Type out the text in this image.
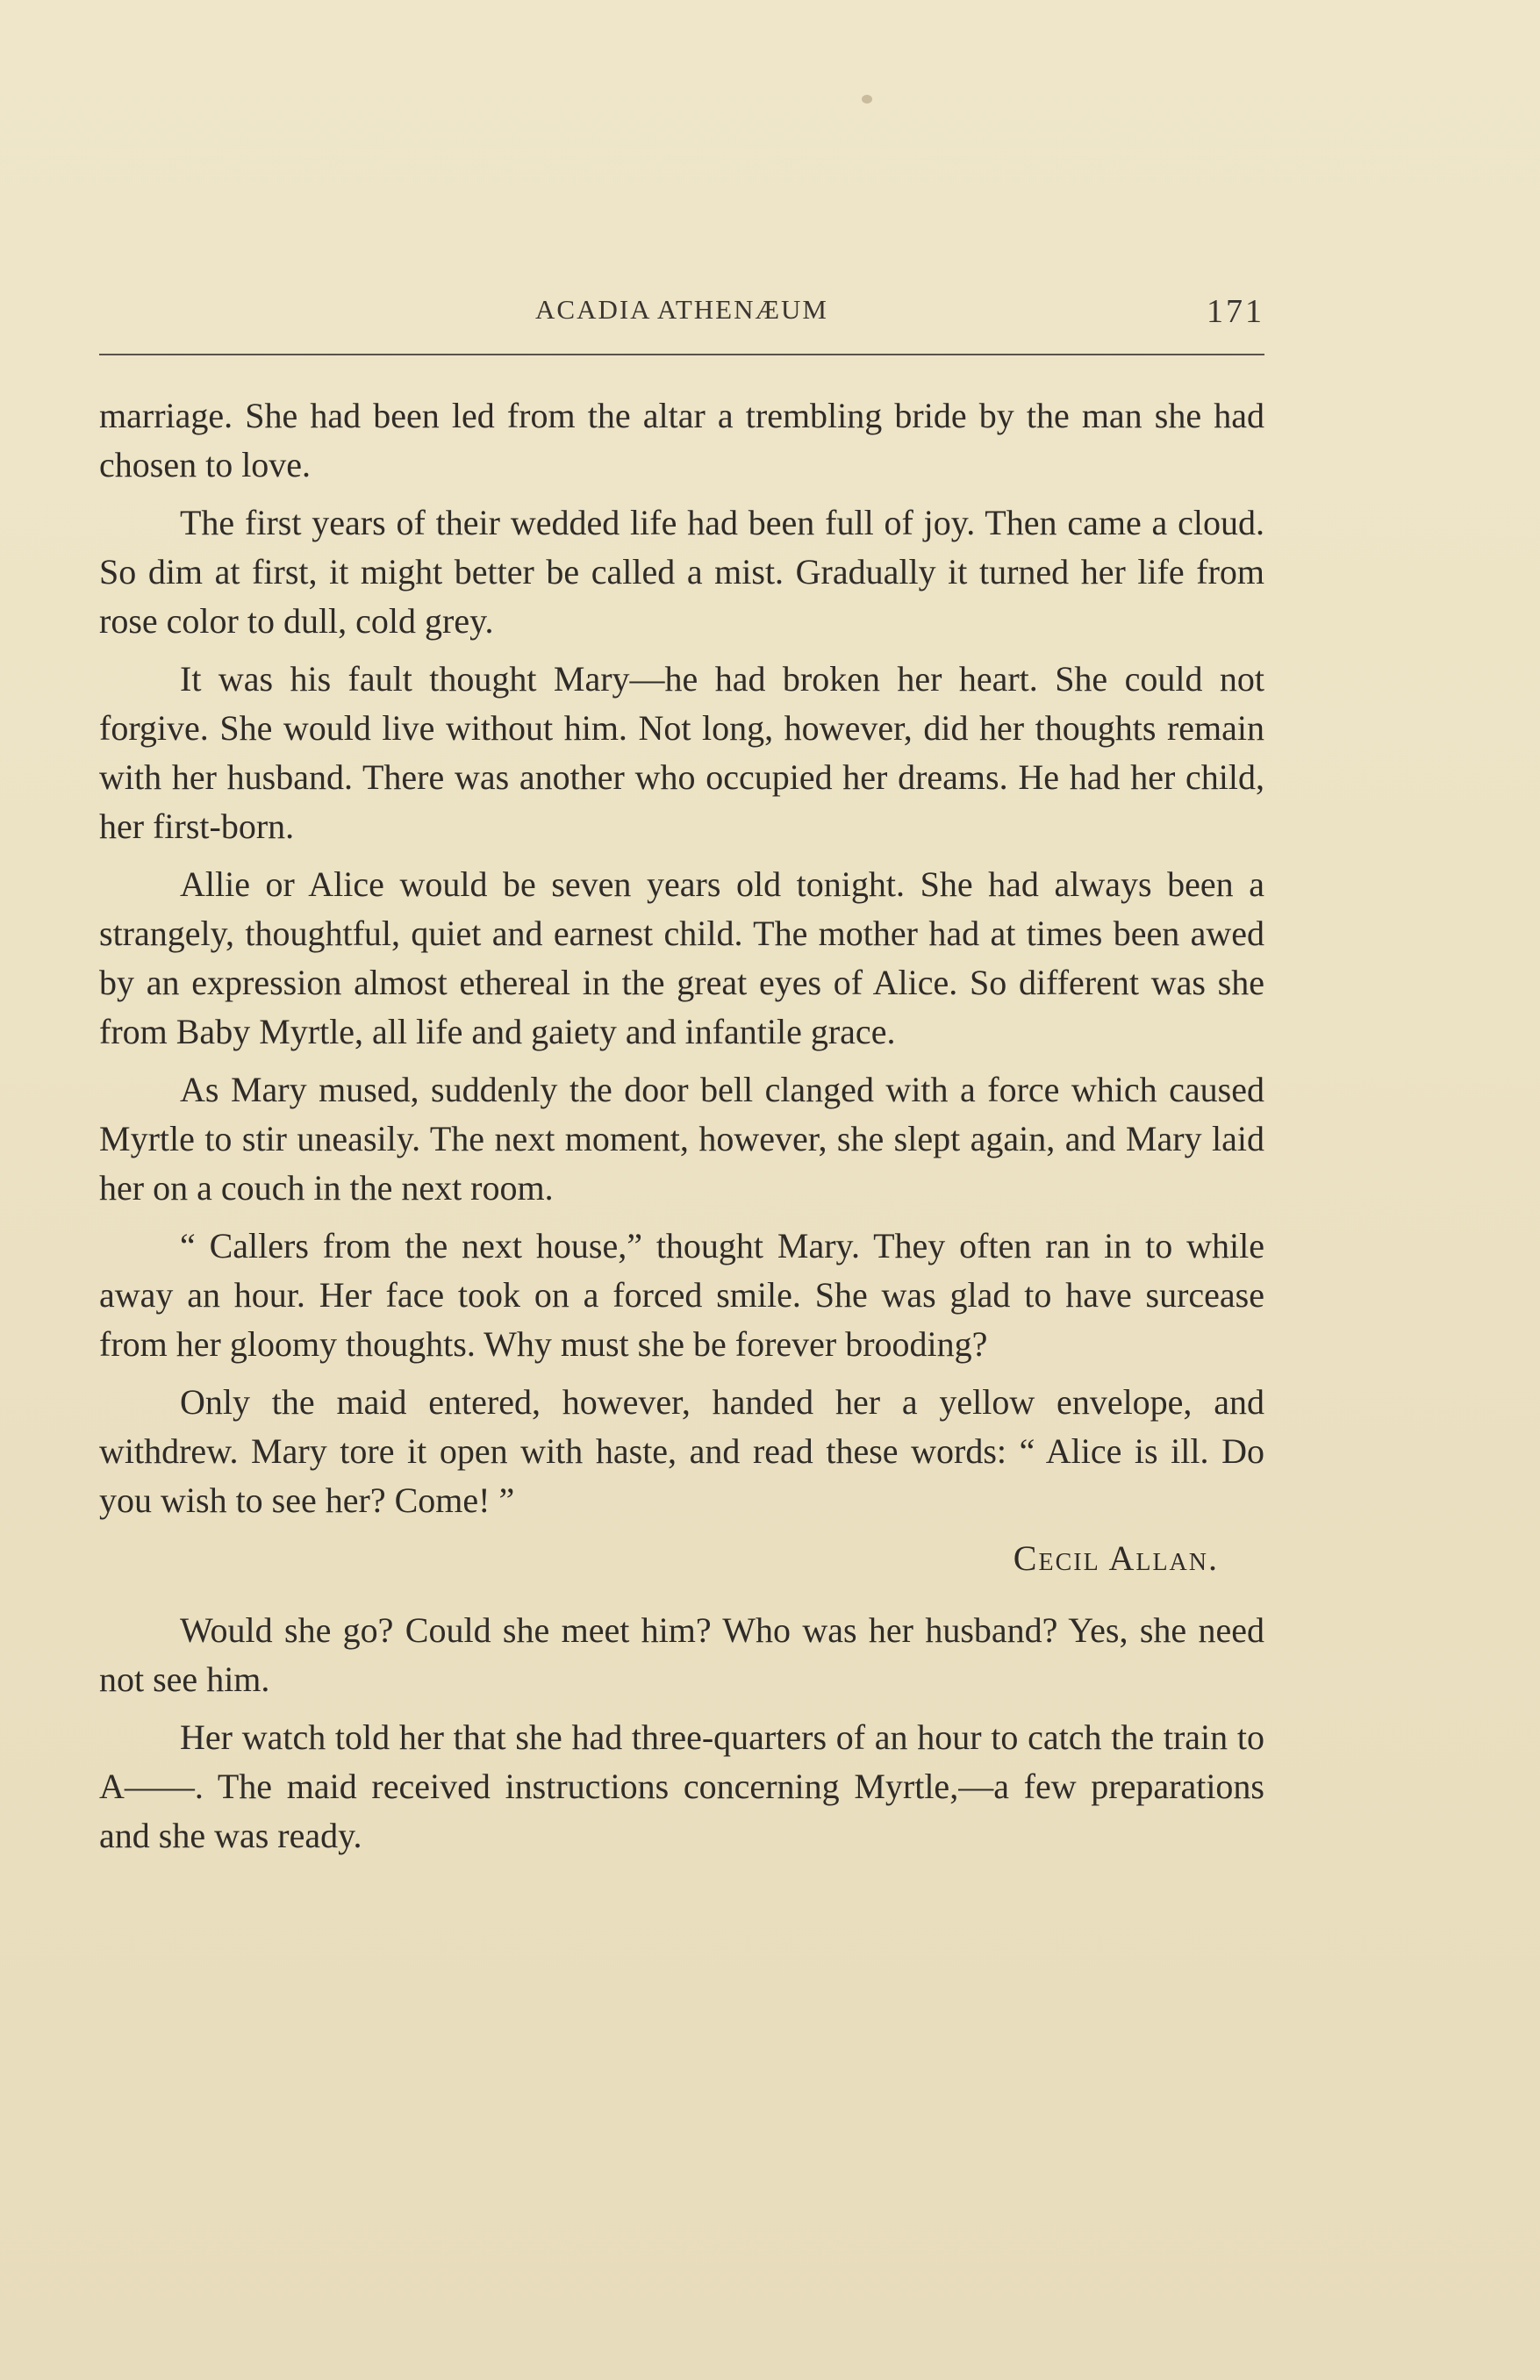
ACADIA ATHENÆUM	171

marriage. She had been led from the altar a trembling bride by the man she had chosen to love.

The first years of their wedded life had been full of joy. Then came a cloud. So dim at first, it might better be called a mist. Gradually it turned her life from rose color to dull, cold grey.

It was his fault thought Mary—he had broken her heart. She could not forgive. She would live without him. Not long, however, did her thoughts remain with her husband. There was another who occupied her dreams. He had her child, her first-born.

Allie or Alice would be seven years old tonight. She had always been a strangely, thoughtful, quiet and earnest child. The mother had at times been awed by an expression almost ethereal in the great eyes of Alice. So different was she from Baby Myrtle, all life and gaiety and infantile grace.

As Mary mused, suddenly the door bell clanged with a force which caused Myrtle to stir uneasily. The next moment, however, she slept again, and Mary laid her on a couch in the next room.

“ Callers from the next house,” thought Mary. They often ran in to while away an hour. Her face took on a forced smile. She was glad to have surcease from her gloomy thoughts. Why must she be forever brooding?

Only the maid entered, however, handed her a yellow envelope, and withdrew. Mary tore it open with haste, and read these words: “ Alice is ill. Do you wish to see her? Come! ”

Cecil Allan.

Would she go? Could she meet him? Who was her husband? Yes, she need not see him.

Her watch told her that she had three-quarters of an hour to catch the train to A——. The maid received instructions concerning Myrtle,—a few preparations and she was ready.
